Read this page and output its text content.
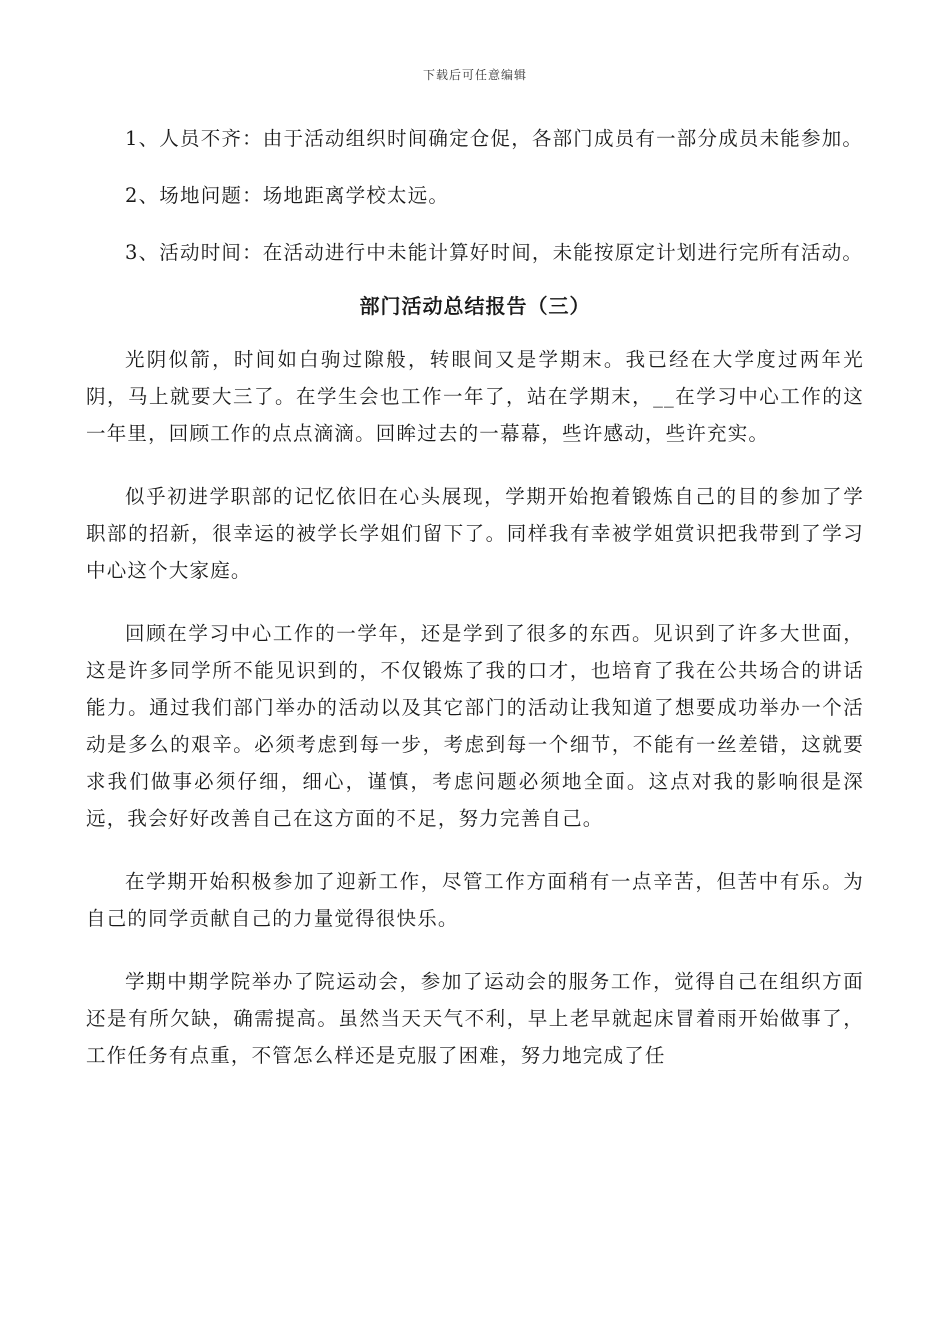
下载后可任意编辑

1、人员不齐：由于活动组织时间确定仓促，各部门成员有一部分成员未能参加。

2、场地问题：场地距离学校太远。

3、活动时间：在活动进行中未能计算好时间，未能按原定计划进行完所有活动。

部门活动总结报告（三）

光阴似箭，时间如白驹过隙般，转眼间又是学期末。我已经在大学度过两年光阴，马上就要大三了。在学生会也工作一年了，站在学期末，__在学习中心工作的这一年里，回顾工作的点点滴滴。回眸过去的一幕幕，些许感动，些许充实。

似乎初进学职部的记忆依旧在心头展现，学期开始抱着锻炼自己的目的参加了学职部的招新，很幸运的被学长学姐们留下了。同样我有幸被学姐赏识把我带到了学习中心这个大家庭。

回顾在学习中心工作的一学年，还是学到了很多的东西。见识到了许多大世面，这是许多同学所不能见识到的，不仅锻炼了我的口才，也培育了我在公共场合的讲话能力。通过我们部门举办的活动以及其它部门的活动让我知道了想要成功举办一个活动是多么的艰辛。必须考虑到每一步，考虑到每一个细节，不能有一丝差错，这就要求我们做事必须仔细，细心，谨慎，考虑问题必须地全面。这点对我的影响很是深远，我会好好改善自己在这方面的不足，努力完善自己。

在学期开始积极参加了迎新工作，尽管工作方面稍有一点辛苦，但苦中有乐。为自己的同学贡献自己的力量觉得很快乐。

学期中期学院举办了院运动会，参加了运动会的服务工作，觉得自己在组织方面还是有所欠缺，确需提高。虽然当天天气不利，早上老早就起床冒着雨开始做事了，工作任务有点重，不管怎么样还是克服了困难，努力地完成了任
